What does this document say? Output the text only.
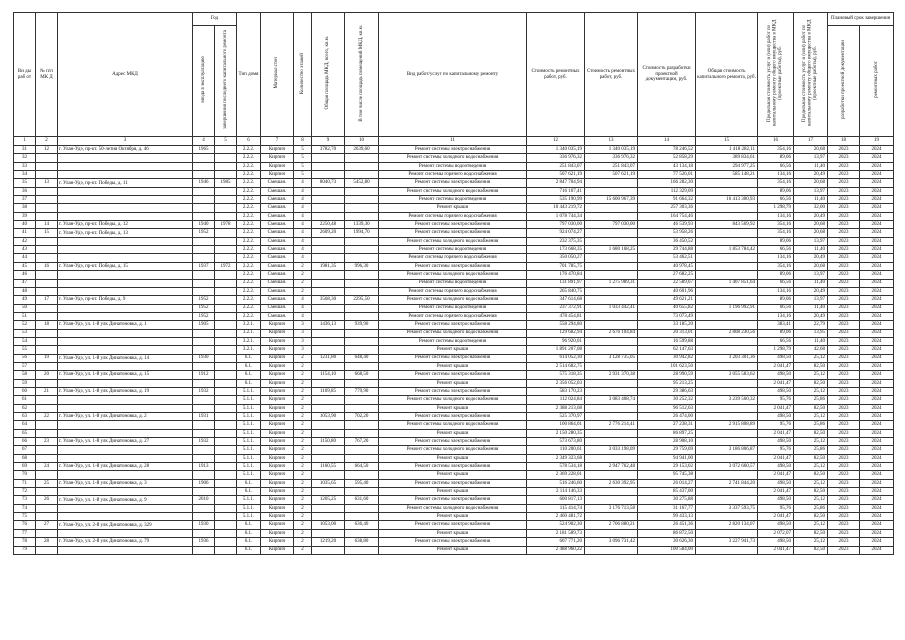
Ви ды раб от	№ п/п МК Д	Адрес МКД	Год		Тип домя	Материал стен	Количество этажей	Общая площадь МКД, всего, кв.м.	В том числе площадь помещений МКД, кв.м.	Вид работ/услуг по капитальному ремонту	Стоимость ремонтных работ, руб.	Стоимость ремонтных работ, руб.	Стоимость разработки проектной документации, руб.	Общая стоимость капитального ремонта, руб.	Предельная стоимость услуг и (или) работ по капитальному ремонту общего имущества в МКД (проектные работы), руб.	Предельная стоимость услуг и (или) работ по капитальному ремонту общего имущества в МКД (проектные работы), руб.	Плановый срок завершения	
			ввода в эксплуатацию	завершения последнего капитального ремонта													разработки проектной документации	ремонтных работ
1	2	3	4	5	6	7	8	9	10	11	12	13	14	15	16	17	18	19
31	12	г. Улан-Удэ, пр-кт. 50-летия Октября, д. 46	1965		2.2.2.	Кирпич	5	3782,70	2639,60	Ремонт системы электроснабжения	1 340 035,19	1 340 035,19	78 246,52	1 418 282,11	354,16	20,68	2023	2024
32					2.2.2.	Кирпич	5			Ремонт системы холодного водоснабжения	336 976,32	336 976,32	52 858,29	389 834,61	89,06	13,97	2023	2024
33					2.2.2.	Кирпич	5			Ремонт системы водоотведения	251 843,07	251 843,07	43 134,18	294 977,25	66,56	11,40	2023	2024
34					2.2.2.	Кирпич	5			Ремонт системы горячего водоснабжения	507 621,19	507 621,19	77 526,01	585 148,21	134,16	20,49	2023	2024
35	13	г. Улан-Удэ, пр-кт. Победы, д. 11	1946	1985	2.2.2.	Смешан.	4	8040,73	5452,80	Ремонт системы электроснабжения	2 847 704,94		166 282,30		354,16	20,68	2023	2024
36					2.2.2.	Смешан.	4			Ремонт системы холодного водоснабжения	716 107,41		112 329,09		89,06	13,97	2023	2024
37					2.2.2.	Смешан.	4			Ремонт системы водоотведения	535 190,99	15 600 967,39	91 664,32	16 413 300,93	66,56	11,40	2023	2024
38					2.2.2.	Смешан.	4			Ремонт крыши	10 443 219,72		257 303,36		1 298,79	32,00	2023	2024
39					2.2.2.	Смешан.	4			Ремонт системы горячего водоснабжения	1 078 744,34		164 754,46		134,16	20,49	2023	2024
40	14	г. Улан-Удэ, пр-кт. Победы, д. 12	1940	1978	2.2.2.	Смешан.	4	2250,48	1339,30	Ремонт системы электроснабжения	797 030,00	797 030,00	46 539,93	843 569,92	354,16	20,68	2023	2024
41	15	г. Улан-Удэ, пр-кт. Победы, д. 13	1952		2.2.2.	Смешан.	4	2609,20	1994,70	Ремонт системы электроснабжения	924 074,27		53 958,26		354,16	20,68	2023	2024
42					2.2.2.	Смешан.	4			Ремонт системы холодного водоснабжения	232 375,35		36 450,52		89,06	13,97	2023	2024
43					2.2.2.	Смешан.	4			Ремонт системы водоотведения	173 668,35	1 680 168,25	29 744,88	1 853 784,42	66,56	11,40	2023	2024
44					2.2.2.	Смешан.	4			Ремонт системы горячего водоснабжения	350 050,27		53 462,51		134,16	20,49	2023	2024
45	16	г. Улан-Удэ, пр-кт. Победы, д. 15	1937	1972	2.2.2.	Смешан.	2	1981,35	996,30	Ремонт системы электроснабжения	701 785,75		40 978,45		354,16	20,68	2023	2024
46					2.2.2.	Смешан.	2			Ремонт системы холодного водоснабжения	176 470,84		27 682,25		89,06	13,97	2023	2024
47					2.2.2.	Смешан.	2			Ремонт системы водоотведения	131 891,97	1 275 989,31	22 589,67	1 407 851,64	66,56	11,40	2023	2024
48					2.2.2.	Смешан.	2			Ремонт системы горячего водоснабжения	265 840,75		40 601,96		134,16	20,49	2023	2024
49	17	г. Улан-Удэ, пр-кт. Победы, д. 9	1952		2.2.2.	Смешан.	4	3568,30	2295,50	Ремонт системы холодного водоснабжения	347 614,68		49 621,21		89,06	13,97	2023	2024
50			1952		2.2.2.	Смешан.	4			Ремонт системы водоотведения	237 372,91	1 033 442,41	40 655,82	1 196 992,91	66,56	11,40	2023	2024
51			1952		2.2.2.	Смешан.	4			Ремонт системы горячего водоснабжения	478 454,81		73 073,49		134,16	20,49	2023	2024
52	18	г. Улан-Удэ, ул. 1-й улк Динатоновка, д. 1	1905		3.2.1.	Кирпич	3	1436,13	939,90	Ремонт системы электроснабжения	558 294,80		33 185,20		383,41	22,79	2023	2024
53					3.2.1.	Кирпич	3			Ремонт системы холодного водоснабжения	129 682,94	2 676 104,84	20 313,01	2 808 230,56	89,06	13,95	2023	2024
54					3.2.1.	Кирпич	3			Ремонт системы водоотведения	96 920,01		16 599,88		66,56	11,40	2023	2024
55					3.2.1.	Кирпич	3			Ремонт крыши	1 891 207,08		62 147,63		1 298,79	42,68	2023	2024
56	19	г. Улан-Удэ, ул. 1-й улк Динатоновка, д. 14	1930		6.1.	Кирпич	2	1231,80	648,40	Ремонт системы электроснабжения	614 052,30	3 128 735,05	30 942,82	3 203 301,36	498,50	25,12	2023	2024
57					6.1.	Кирпич	2			Ремонт крыши	2 514 682,75		101 623,50		2 041,47	82,50	2023	2024
58	20	г. Улан-Удэ, ул. 1-й улк Динатоновка, д. 15	1912		6.1.	Кирпич	2	1154,10	668,50	Ремонт системы электроснабжения	575 318,35	2 931 370,38	28 990,59	3 055 583,62	498,50	25,12	2023	2024
59					6.1.	Кирпич	2			Ремонт крыши	2 356 052,03		95 213,25		2 041,47	82,50	2023	2024
60	21	г. Улан-Удэ, ул. 1-й улк Динатоновка, д. 19	1932		5.1.1.	Кирпич	2	1169,85	779,90	Ремонт системы электроснабжения	583 170,23		29 386,63		498,50	25,12	2023	2024
61					5.1.1.	Кирпич	2			Ремонт системы холодного водоснабжения	112 024,84	3 083 408,74	30 252,32	3 239 560,32	95,76	25,86	2023	2024
62					5.1.1.	Кирпич	2			Ремонт крыши	2 388 213,68		96 512,63		2 041,47	82,50	2023	2024
63	22	г. Улан-Удэ, ул. 1-й улк Динатоновка, д. 2	1931		5.1.1.	Кирпич	2	1053,90	702,20	Ремонт системы электроснабжения	525 370,97		26 474,00		498,50	25,12	2023	2024
64					5.1.1.	Кирпич	2			Ремонт системы холодного водоснабжения	100 864,01	2 776 214,41	27 238,31	2 915 808,89	95,76	25,86	2023	2024
65					5.1.1.	Кирпич	2			Ремонт крыши	2 150 280,35		86 897,25		2 041,47	82,50	2023	2024
66	23	г. Улан-Удэ, ул. 1-й улк Динатоновка, д. 27	1932		5.1.1.	Кирпич	2	1150,80	767,20	Ремонт системы электроснабжения	573 673,80		28 908,10		498,50	25,12	2023	2024
67					5.1.1.	Кирпич	2			Ремонт системы холодного водоснабжения	110 200,61	3 033 198,09	29 759,69	3 186 806,87	95,76	25,86	2023	2024
68					5.1.1.	Кирпич	2			Ремонт крыши	2 349 323,68		94 941,00		2 041,47	82,50	2023	2024
69	24	г. Улан-Удэ, ул. 1-й улк Динатоновка, д. 28	1913		5.1.1.	Кирпич	2	1160,55	664,50	Ремонт системы электроснабжения	578 534,18	2 947 762,48	29 153,02	3 072 660,57	498,50	25,12	2023	2024
70					5.1.1.	Кирпич	2			Ремонт крыши	2 369 228,01		95 745,38		2 041,47	82,50	2023	2024
71	25	г. Улан-Удэ, ул. 1-й улк Динатоновка, д. 3	1906		6.1.	Кирпич	2	1035,65	595,40	Ремонт системы электроснабжения	516 246,60	2 630 392,95	26 014,27	2 741 844,20	498,50	25,12	2023	2024
72					6.1.	Кирпич	2			Ремонт крыши	2 114 146,33		85 437,00		2 041,47	82,50	2023	2024
73	26	г. Улан-Удэ, ул. 1-й улк Динатоновка, д. 9	2010		5.1.1.	Кирпич	2	1205,25	631,60	Ремонт системы электроснабжения	600 817,13		30 275,88		498,50	25,12	2023	2024
74					5.1.1.	Кирпич	2			Ремонт системы холодного водоснабжения	115 414,74	3 176 713,58	31 167,77	3 337 593,75	95,76	25,86	2023	2024
75					5.1.1.	Кирпич	2			Ремонт крыши	2 460 481,72		99 433,13		2 041,47	82,50	2023	2024
76	27	г. Улан-Удэ, ул. 2-й улк Динатоновка, д. 329	1930		6.1.	Кирпич	2	1053,00	636,40	Ремонт системы электроснабжения	524 902,30	2 706 880,21	26 451,36	2 820 134,07	498,50	25,12	2023	2024
77					6.1.	Кирпич	2			Ремонт крыши	2 181 589,73		86 872,50		2 072,07	82,50	2023	2024
78	28	г. Улан-Удэ, ул. 2-й улк Динатоновка, д. 79	1936		6.1.	Кирпич	2	1219,20	638,80	Ремонт системы электроснабжения	607 771,20	3 096 731,42	30 626,30	3 227 941,73	498,50	25,12	2023	2024
79					6.1.	Кирпич	2			Ремонт крыши	2 488 960,22		100 584,00		2 041,47	82,50	2023	2024
